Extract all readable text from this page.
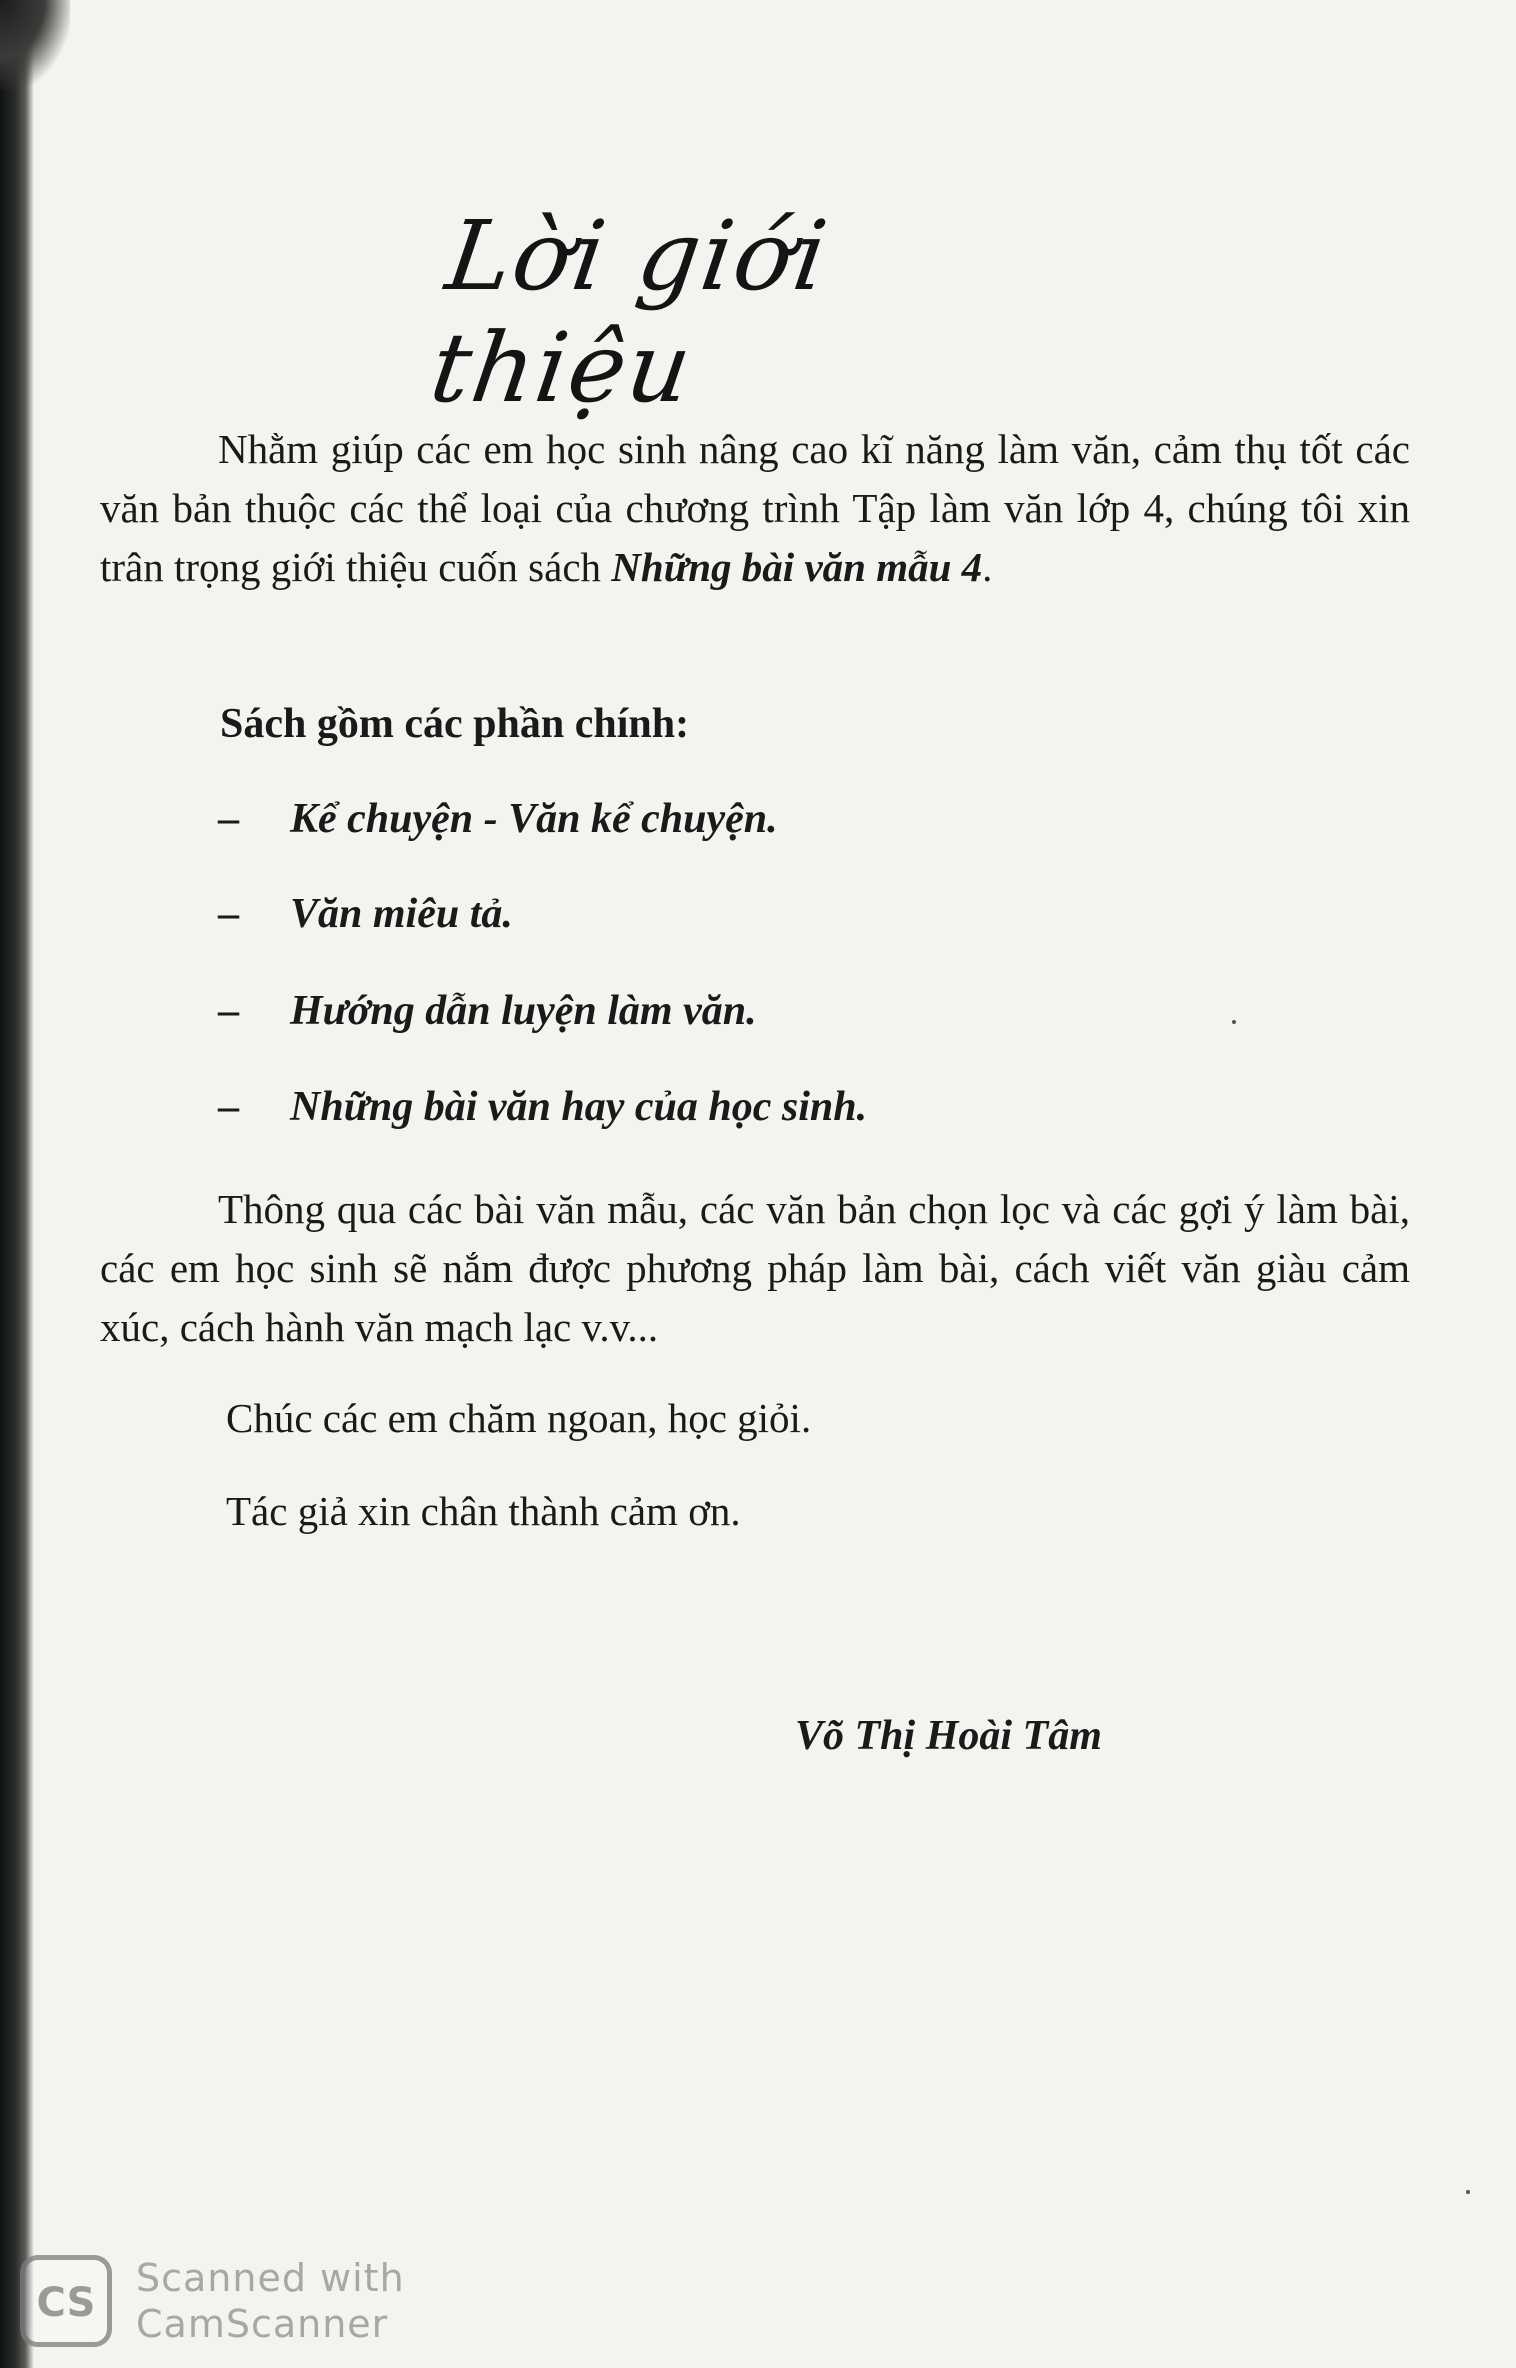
Lời giới thiệu

Nhằm giúp các em học sinh nâng cao kĩ năng làm văn, cảm thụ tốt các văn bản thuộc các thể loại của chương trình Tập làm văn lớp 4, chúng tôi xin trân trọng giới thiệu cuốn sách Những bài văn mẫu 4.

Sách gồm các phần chính:

– Kể chuyện - Văn kể chuyện.

– Văn miêu tả.

– Hướng dẫn luyện làm văn.

– Những bài văn hay của học sinh.

Thông qua các bài văn mẫu, các văn bản chọn lọc và các gợi ý làm bài, các em học sinh sẽ nắm được phương pháp làm bài, cách viết văn giàu cảm xúc, cách hành văn mạch lạc v.v...

Chúc các em chăm ngoan, học giỏi.

Tác giả xin chân thành cảm ơn.

Võ Thị Hoài Tâm

CS
Scanned with
CamScanner
